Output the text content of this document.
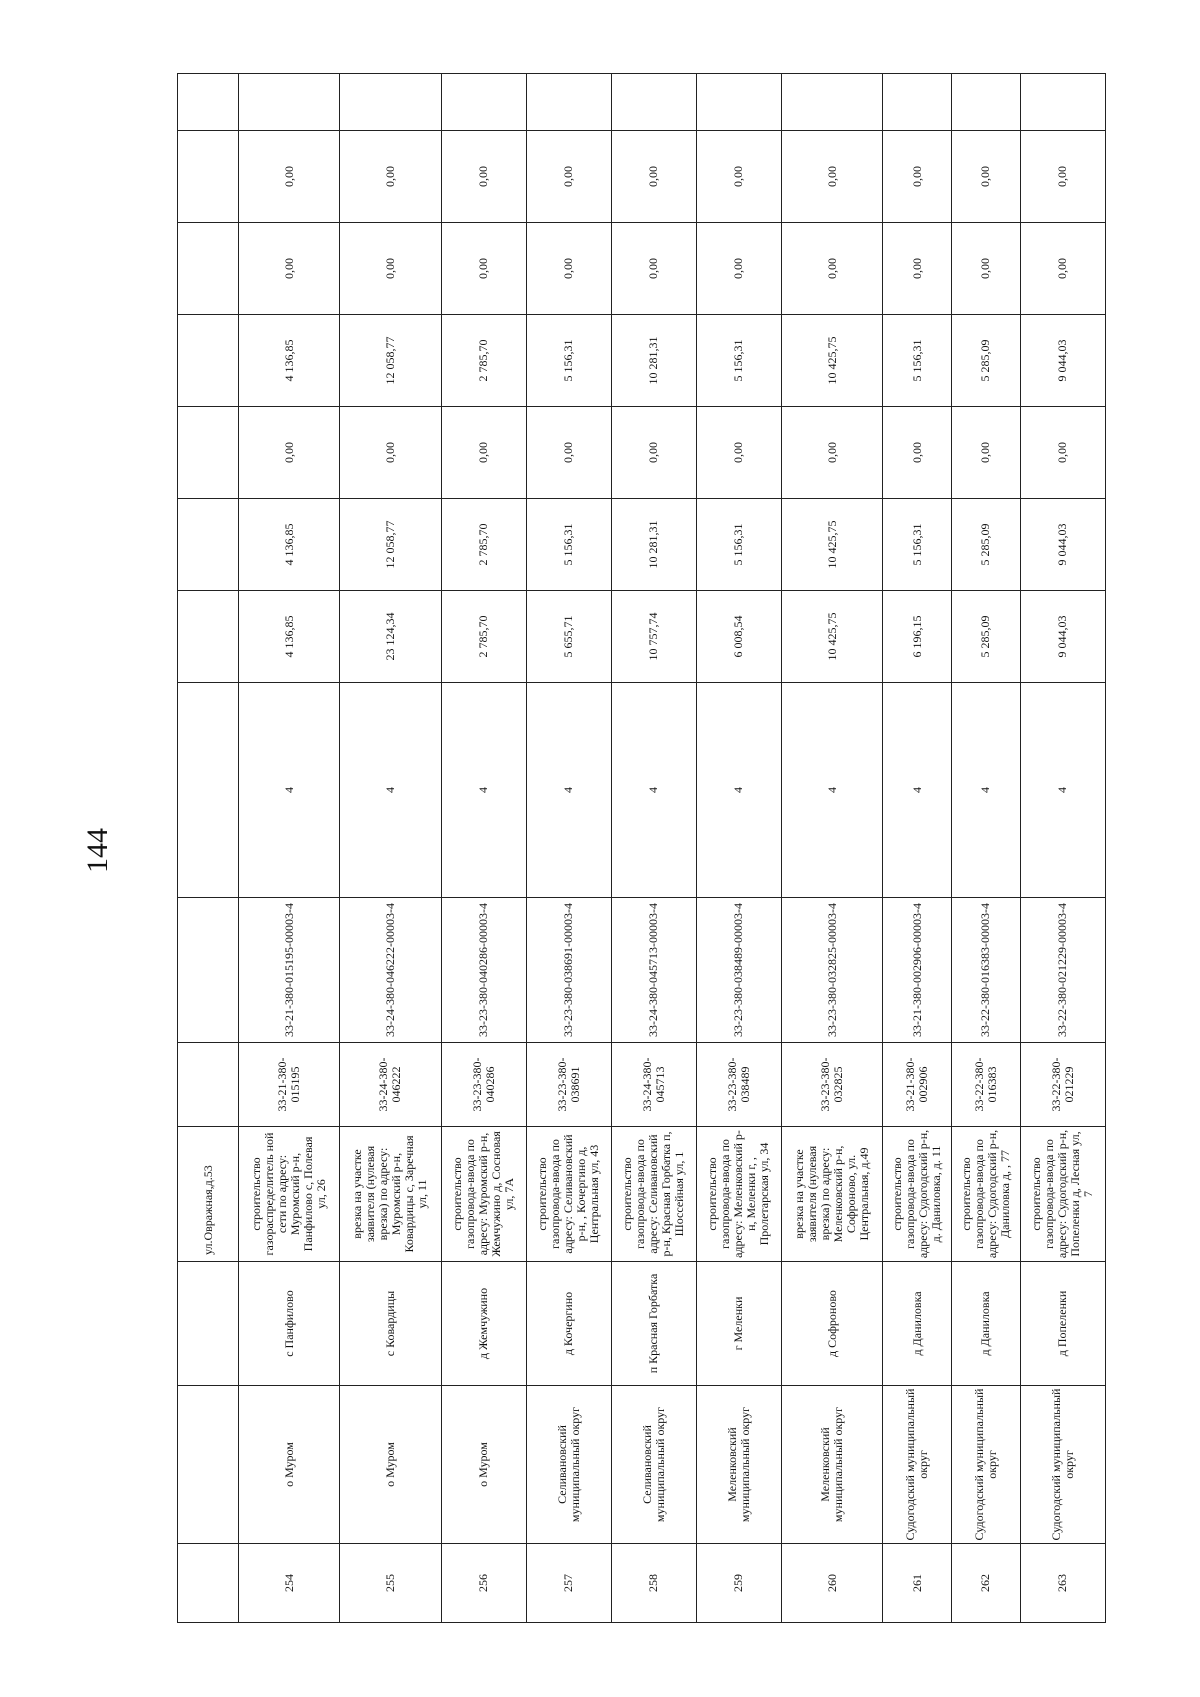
144
			ул.Овражная,д.53										
254	о Муром	с Панфилово	строительство газораспределитель ной сети по адресу: Муромский р-н, Панфилово с, Полевая ул, 26	33-21-380-015195	33-21-380-015195-00003-4	4	4 136,85	4 136,85	0,00	4 136,85	0,00	0,00	
255	о Муром	с Ковардицы	врезка на участке заявителя (нулевая врезка) по адресу: Муромский р-н, Ковардицы с, Заречная ул, 11	33-24-380-046222	33-24-380-046222-00003-4	4	23 124,34	12 058,77	0,00	12 058,77	0,00	0,00	
256	о Муром	д Жемчужино	строительство газопровода-ввода по адресу: Муромский р-н, Жемчужино д, Сосновая ул, 7А	33-23-380-040286	33-23-380-040286-00003-4	4	2 785,70	2 785,70	0,00	2 785,70	0,00	0,00	
257	Селивановский муниципальный округ	д Кочергино	строительство газопровода-ввода по адресу: Селивановский р-н, , Кочергино д, Центральная ул, 43	33-23-380-038691	33-23-380-038691-00003-4	4	5 655,71	5 156,31	0,00	5 156,31	0,00	0,00	
258	Селивановский муниципальный округ	п Красная Горбатка	строительство газопровода-ввода по адресу: Селивановский р-н, Красная Горбатка п, Шоссейная ул, 1	33-24-380-045713	33-24-380-045713-00003-4	4	10 757,74	10 281,31	0,00	10 281,31	0,00	0,00	
259	Меленковский муниципальный округ	г Меленки	строительство газопровода-ввода по адресу: Меленковский р-н, Меленки г, , Пролетарская ул, 34	33-23-380-038489	33-23-380-038489-00003-4	4	6 008,54	5 156,31	0,00	5 156,31	0,00	0,00	
260	Меленковский муниципальный округ	д Софроново	врезка на участке заявителя (нулевая врезка) по адресу: Меленковский р-н, Софроново, ул. Центральная, д.49	33-23-380-032825	33-23-380-032825-00003-4	4	10 425,75	10 425,75	0,00	10 425,75	0,00	0,00	
261	Судогодский муниципальный округ	д Даниловка	строительство газопровода-ввода по адресу: Судогодский р-н, д. Даниловка, д. 11	33-21-380-002906	33-21-380-002906-00003-4	4	6 196,15	5 156,31	0,00	5 156,31	0,00	0,00	
262	Судогодский муниципальный округ	д Даниловка	строительство газопровода-ввода по адресу: Судогодский р-н, Даниловка д, , 77	33-22-380-016383	33-22-380-016383-00003-4	4	5 285,09	5 285,09	0,00	5 285,09	0,00	0,00	
263	Судогодский муниципальный округ	д Попеленки	строительство газопровода-ввода по адресу: Судогодский р-н, Попеленки д, Лесная ул, 7	33-22-380-021229	33-22-380-021229-00003-4	4	9 044,03	9 044,03	0,00	9 044,03	0,00	0,00	
